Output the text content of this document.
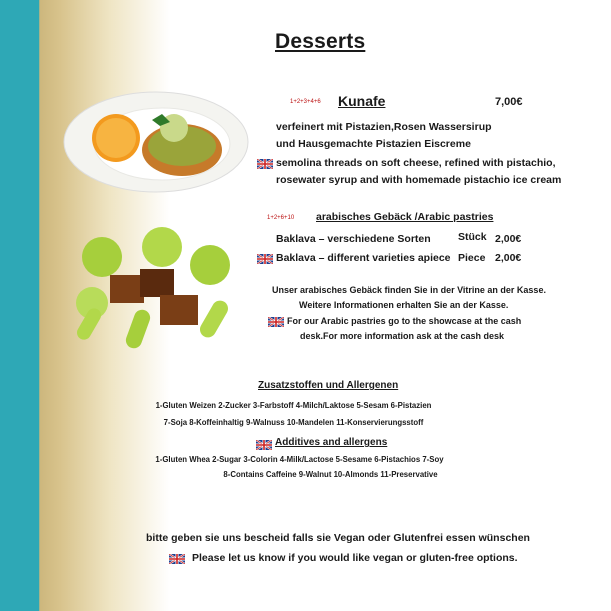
Desserts
1+2+3+4+6 Kunafe	7,00€
verfeinert mit Pistazien,Rosen Wassersirup
und Hausgemachte Pistazien Eiscreme
semolina threads on soft cheese, refined with pistachio,
rosewater syrup and with homemade pistachio ice cream
1+2+6+10 arabisches Gebäck /Arabic pastries
Baklava – verschiedene Sorten	Stück 2,00€
Baklava – different varieties apiece Piece 2,00€
Unser arabisches Gebäck finden Sie in der Vitrine an der Kasse.
Weitere Informationen erhalten Sie an der Kasse.
For our Arabic pastries go to the showcase at the cash
desk.For more information ask at the cash desk
Zusatzstoffen und Allergenen
1-Gluten Weizen 2-Zucker 3-Farbstoff 4-Milch/Laktose 5-Sesam 6-Pistazien
7-Soja 8-Koffeinhaltig 9-Walnuss 10-Mandelen 11-Konservierungsstoff
Additives and allergens
1-Gluten Whea 2-Sugar 3-Colorin 4-Milk/Lactose 5-Sesame 6-Pistachios 7-Soy
8-Contains Caffeine 9-Walnut 10-Almonds 11-Preservative
bitte geben sie uns bescheid falls sie Vegan oder Glutenfrei essen wünschen
Please let us know if you would like vegan or gluten-free options.
